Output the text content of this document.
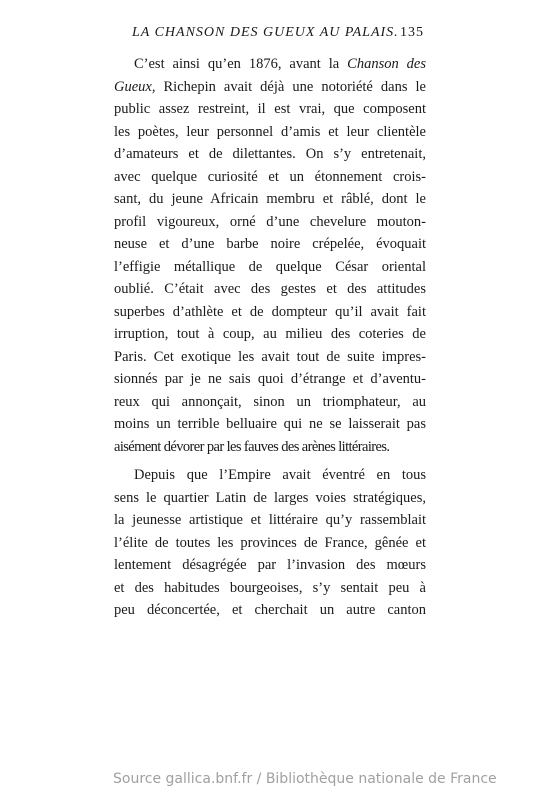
LA CHANSON DES GUEUX AU PALAIS. 135
C’est ainsi qu’en 1876, avant la Chanson des
Gueux, Richepin avait déjà une notoriété dans le
public assez restreint, il est vrai, que composent
les poètes, leur personnel d’amis et leur clientèle
d’amateurs et de dilettantes. On s’y entretenait,
avec quelque curiosité et un étonnement crois-
sant, du jeune Africain membru et râblé, dont le
profil vigoureux, orné d’une chevelure mouton-
neuse et d’une barbe noire crépelée, évoquait
l’effigie métallique de quelque César oriental
oublié. C’était avec des gestes et des attitudes
superbes d’athlète et de dompteur qu’il avait fait
irruption, tout à coup, au milieu des coteries de
Paris. Cet exotique les avait tout de suite impres-
sionnés par je ne sais quoi d’étrange et d’aventu-
reux qui annonçait, sinon un triomphateur, au
moins un terrible belluaire qui ne se laisserait pas
aisément dévorer par les fauves des arènes littéraires.
Depuis que l’Empire avait éventré en tous
sens le quartier Latin de larges voies stratégiques,
la jeunesse artistique et littéraire qu’y rassemblait
l’élite de toutes les provinces de France, gênée et
lentement désagrégée par l’invasion des mœurs
et des habitudes bourgeoises, s’y sentait peu à
peu déconcertée, et cherchait un autre canton
Source gallica.bnf.fr / Bibliothèque nationale de France
